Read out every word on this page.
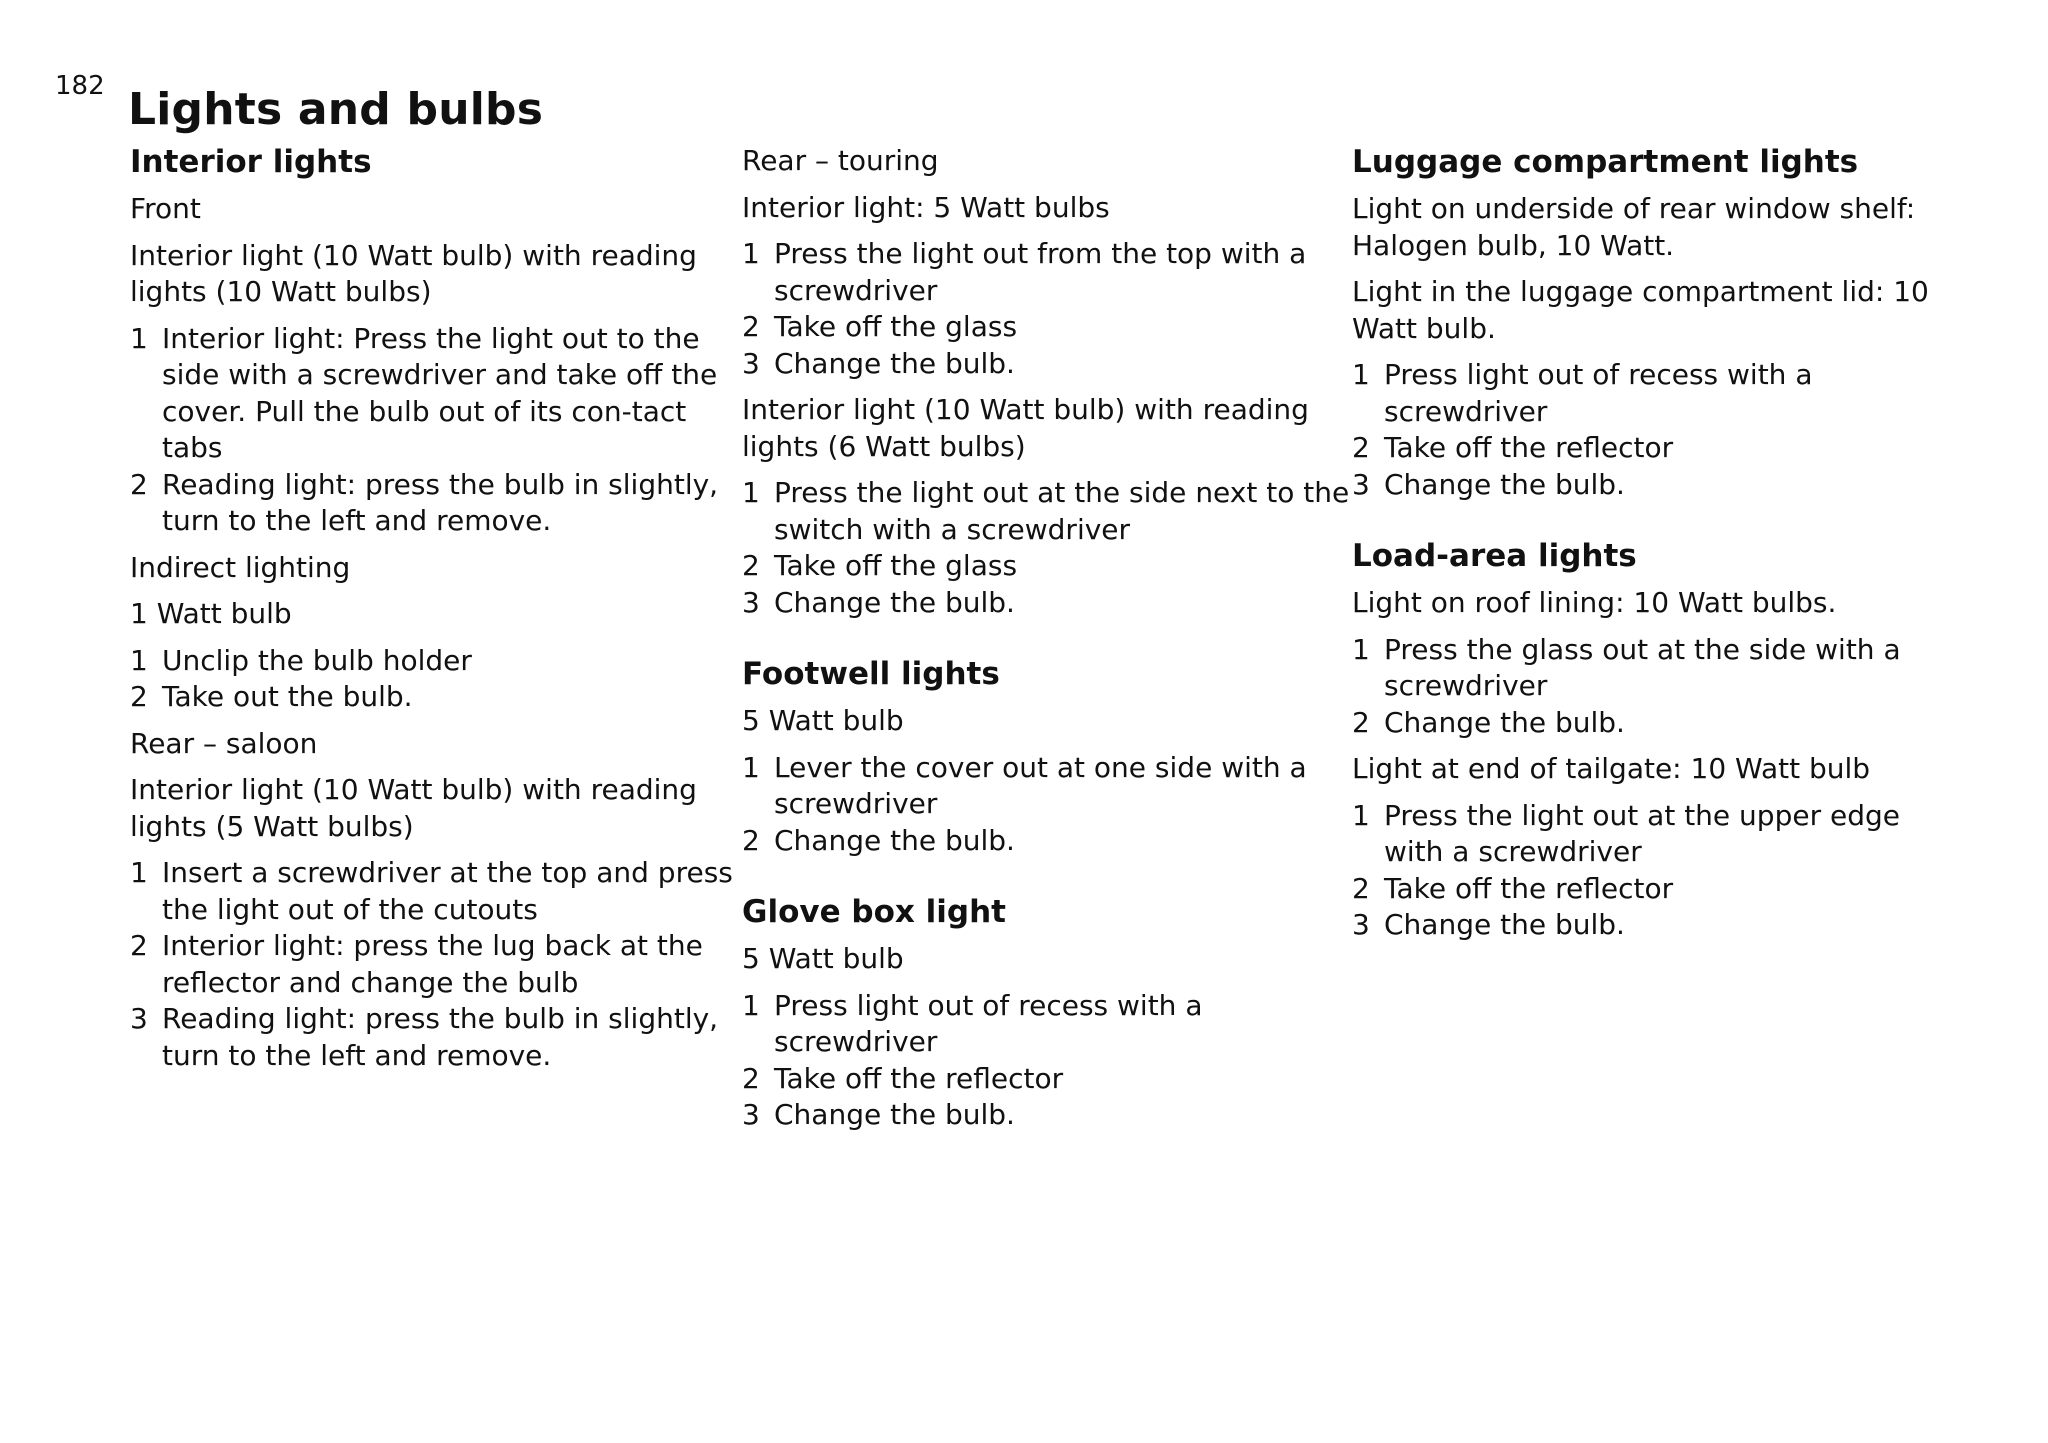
182 Lights and bulbs
Interior lights

Front

Interior light (10 Watt bulb) with reading lights (10 Watt bulbs)

1 Interior light: Press the light out to the side with a screwdriver and take off the cover. Pull the bulb out of its con-tact tabs
2 Reading light: press the bulb in slightly, turn to the left and remove.

Indirect lighting

1 Watt bulb

1 Unclip the bulb holder
2 Take out the bulb.

Rear – saloon

Interior light (10 Watt bulb) with reading lights (5 Watt bulbs)

1 Insert a screwdriver at the top and press the light out of the cutouts
2 Interior light: press the lug back at the reflector and change the bulb
3 Reading light: press the bulb in slightly, turn to the left and remove.

Rear – touring

Interior light: 5 Watt bulbs

1 Press the light out from the top with a screwdriver
2 Take off the glass
3 Change the bulb.

Interior light (10 Watt bulb) with reading lights (6 Watt bulbs)

1 Press the light out at the side next to the switch with a screwdriver
2 Take off the glass
3 Change the bulb.
Footwell lights

5 Watt bulb

1 Lever the cover out at one side with a screwdriver
2 Change the bulb.
Glove box light

5 Watt bulb

1 Press light out of recess with a screwdriver
2 Take off the reflector
3 Change the bulb.
Luggage compartment lights

Light on underside of rear window shelf: Halogen bulb, 10 Watt.

Light in the luggage compartment lid: 10 Watt bulb.

1 Press light out of recess with a screwdriver
2 Take off the reflector
3 Change the bulb.
Load-area lights

Light on roof lining: 10 Watt bulbs.

1 Press the glass out at the side with a screwdriver
2 Change the bulb.

Light at end of tailgate: 10 Watt bulb

1 Press the light out at the upper edge with a screwdriver
2 Take off the reflector
3 Change the bulb.
